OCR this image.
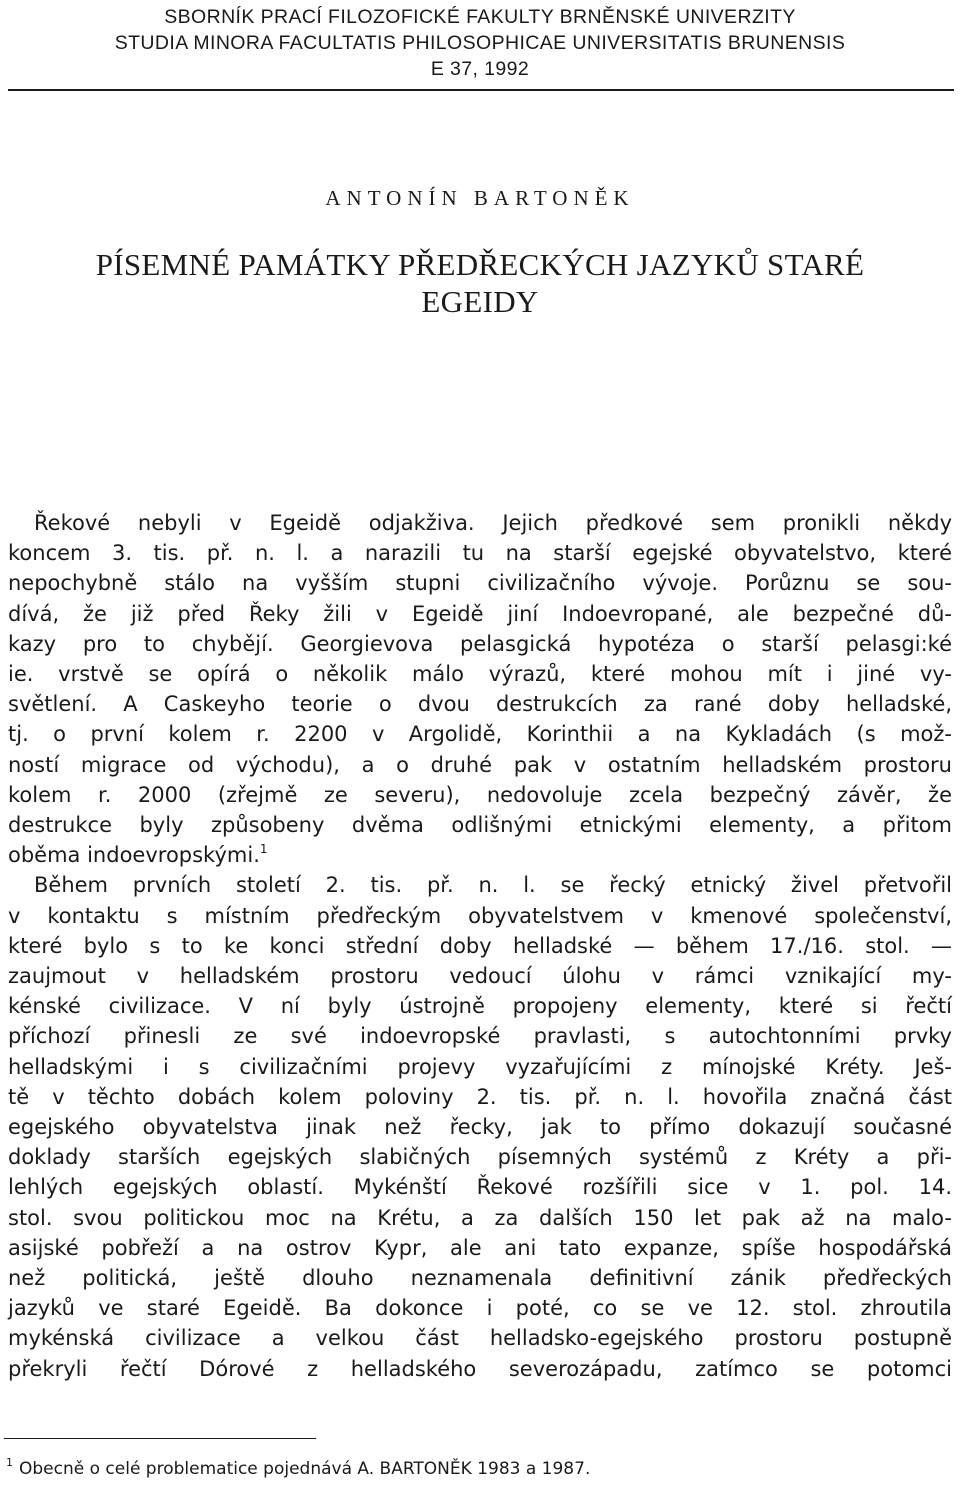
SBORNÍK PRACÍ FILOZOFICKÉ FAKULTY BRNĚNSKÉ UNIVERZITY
STUDIA MINORA FACULTATIS PHILOSOPHICAE UNIVERSITATIS BRUNENSIS
E 37, 1992
ANTONÍN BARTONĚK
PÍSEMNÉ PAMÁTKY PŘEDŘECKÝCH JAZYKŮ STARÉ
EGEIDY
Řekové nebyli v Egeidě odjakživa. Jejich předkové sem pronikli někdy
koncem 3. tis. př. n. l. a narazili tu na starší egejské obyvatelstvo, které
nepochybně stálo na vyšším stupni civilizačního vývoje. Porůznu se sou-
dívá, že již před Řeky žili v Egeidě jiní Indoevropané, ale bezpečné dů-
kazy pro to chybějí. Georgievova pelasgická hypotéza o starší pelasgi:ké
ie. vrstvě se opírá o několik málo výrazů, které mohou mít i jiné vy-
světlení. A Caskeyho teorie o dvou destrukcích za rané doby helladské,
tj. o první kolem r. 2200 v Argolidě, Korinthii a na Kykladách (s mož-
ností migrace od východu), a o druhé pak v ostatním helladském prostoru
kolem r. 2000 (zřejmě ze severu), nedovoluje zcela bezpečný závěr, že
destrukce byly způsobeny dvěma odlišnými etnickými elementy, a přitom
oběma indoevropskými.$^1$
Během prvních století 2. tis. př. n. l. se řecký etnický živel přetvořil
v kontaktu s místním předřeckým obyvatelstvem v kmenové společenství,
které bylo s to ke konci střední doby helladské — během 17./16. stol. —
zaujmout v helladském prostoru vedoucí úlohu v rámci vznikající my-
kénské civilizace. V ní byly ústrojně propojeny elementy, které si řečtí
příchozí přinesli ze své indoevropské pravlasti, s autochtonními prvky
helladskými i s civilizačními projevy vyzařujícími z mínojské Kréty. Ješ-
tě v těchto dobách kolem poloviny 2. tis. př. n. l. hovořila značná část
egejského obyvatelstva jinak než řecky, jak to přímo dokazují současné
doklady starších egejských slabičných písemných systémů z Kréty a při-
lehlých egejských oblastí. Mykénští Řekové rozšířili sice v 1. pol. 14.
stol. svou politickou moc na Krétu, a za dalších 150 let pak až na malo-
asijské pobřeží a na ostrov Kypr, ale ani tato expanze, spíše hospodářská
než politická, ještě dlouho neznamenala definitivní zánik předřeckých
jazyků ve staré Egeidě. Ba dokonce i poté, co se ve 12. stol. zhroutila
mykénská civilizace a velkou část helladsko-egejského prostoru postupně
překryli řečtí Dórové z helladského severozápadu, zatímco se potomci
$^1$ Obecně o celé problematice pojednává A. BARTONĚK 1983 a 1987.
